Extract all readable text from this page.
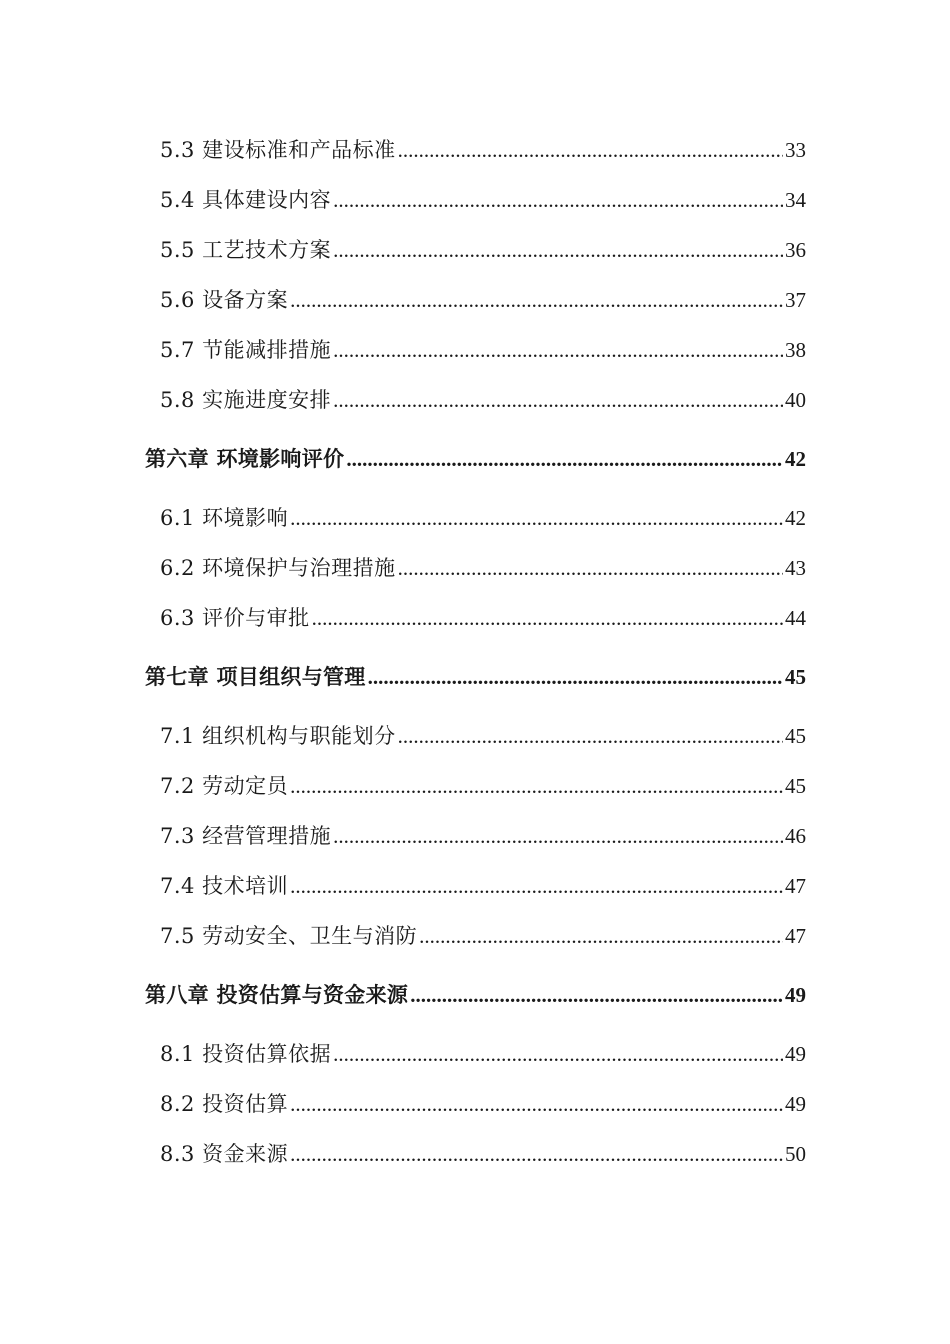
5.3 建设标准和产品标准 .....	33
5.4 具体建设内容 .....	34
5.5 工艺技术方案 .....	36
5.6 设备方案 .....	37
5.7 节能减排措施 .....	38
5.8 实施进度安排 .....	40
第六章 环境影响评价 .....	42
6.1 环境影响 .....	42
6.2 环境保护与治理措施 .....	43
6.3 评价与审批 .....	44
第七章 项目组织与管理 .....	45
7.1 组织机构与职能划分 .....	45
7.2 劳动定员 .....	45
7.3 经营管理措施 .....	46
7.4 技术培训 .....	47
7.5 劳动安全、卫生与消防 .....	47
第八章 投资估算与资金来源 .....	49
8.1 投资估算依据 .....	49
8.2 投资估算 .....	49
8.3 资金来源 .....	50
